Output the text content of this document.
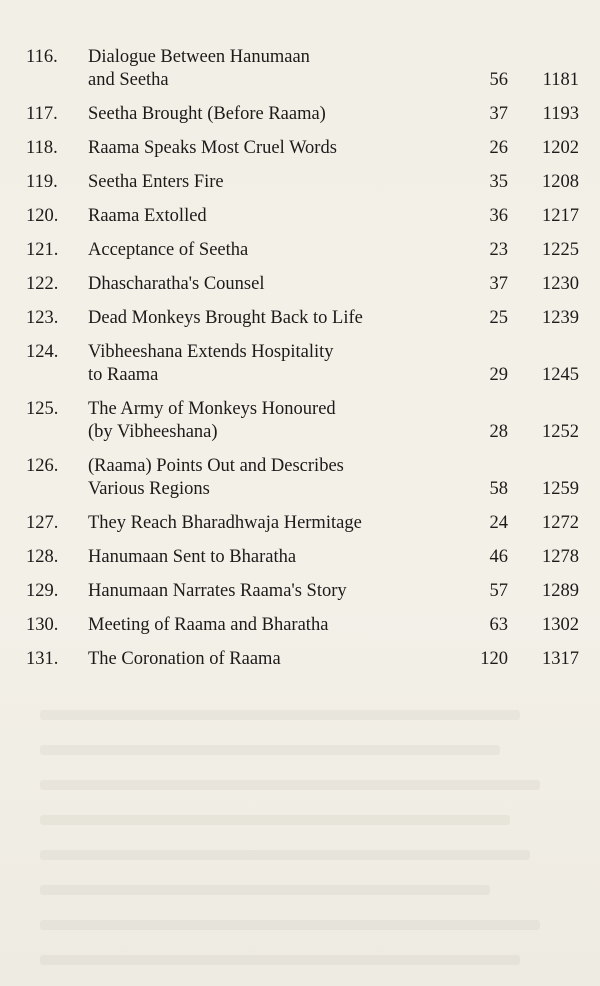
116.	Dialogue Between Hanumaan
and Seetha	56	1181
117.	Seetha Brought (Before Raama)	37	1193
118.	Raama Speaks Most Cruel Words	26	1202
119.	Seetha Enters Fire	35	1208
120.	Raama Extolled	36	1217
121.	Acceptance of Seetha	23	1225
122.	Dhascharatha's Counsel	37	1230
123.	Dead Monkeys Brought Back to Life	25	1239
124.	Vibheeshana Extends Hospitality
to Raama	29	1245
125.	The Army of Monkeys Honoured
(by Vibheeshana)	28	1252
126.	(Raama) Points Out and Describes
Various Regions	58	1259
127.	They Reach Bharadhwaja Hermitage	24	1272
128.	Hanumaan Sent to Bharatha	46	1278
129.	Hanumaan Narrates Raama's Story	57	1289
130.	Meeting of Raama and Bharatha	63	1302
131.	The Coronation of Raama	120	1317
